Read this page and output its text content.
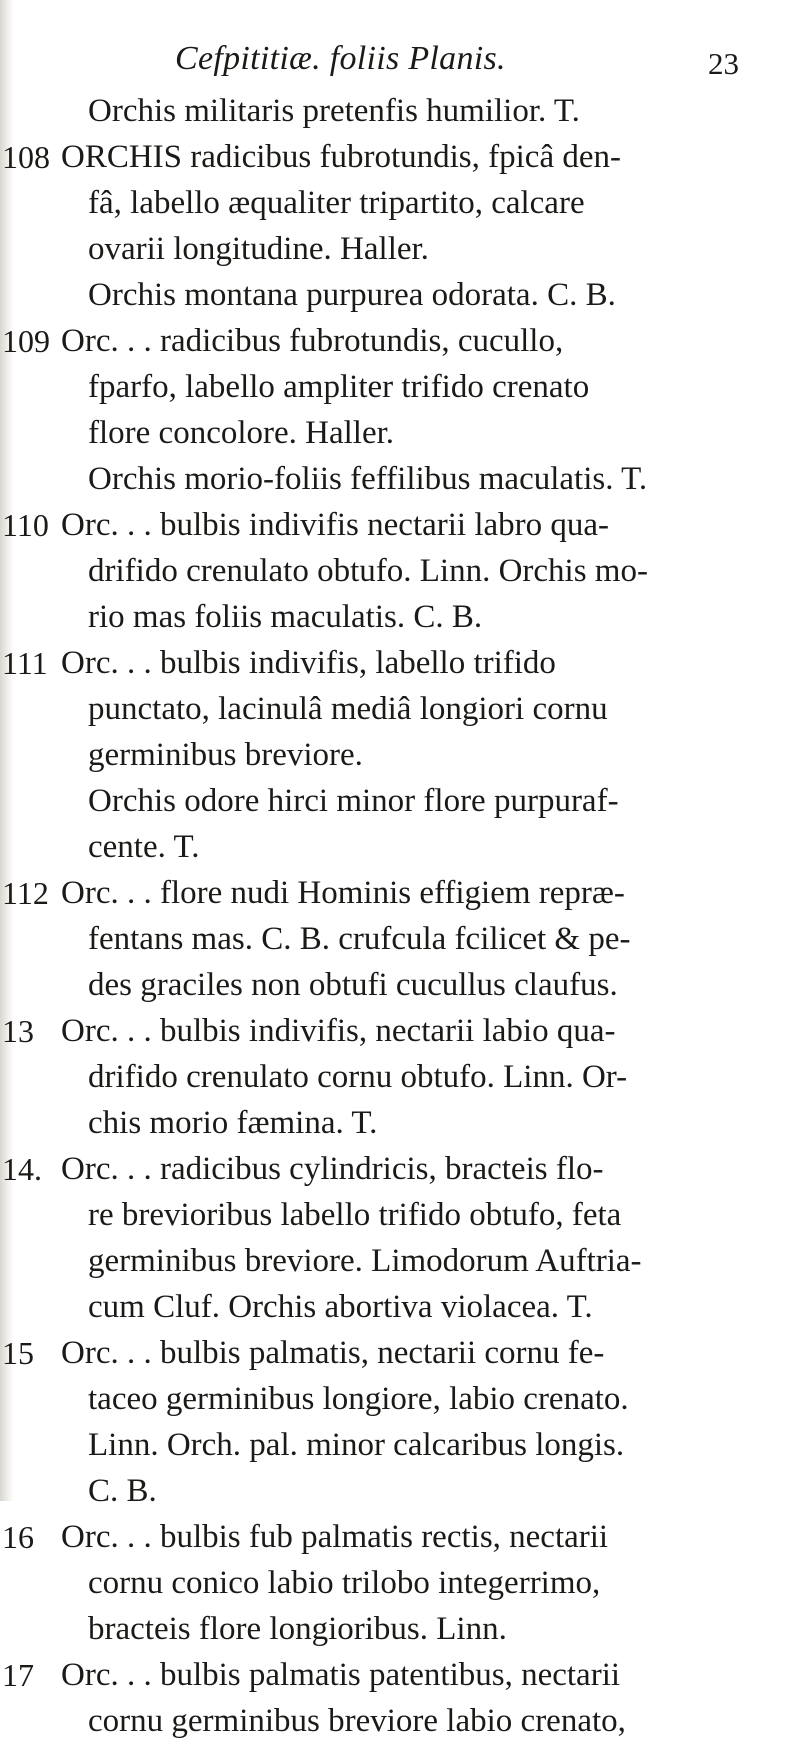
Cefpititiæ. foliis Planis.	23
Orchis militaris pretenfis humilior. T.
108 ORCHIS radicibus fubrotundis, fpicâ den-
fâ, labello æqualiter tripartito, calcare
ovarii longitudine. Haller.
Orchis montana purpurea odorata. C. B.
109 Orc. . . radicibus fubrotundis, cucullo,
fparfo, labello ampliter trifido crenato
flore concolore. Haller.
Orchis morio-foliis feffilibus maculatis. T.
110 Orc. . . bulbis indivifis nectarii labro qua-
drifido crenulato obtufo. Linn. Orchis mo-
rio mas foliis maculatis. C. B.
111 Orc. . . bulbis indivifis, labello trifido
punctato, lacinulâ mediâ longiori cornu
germinibus breviore.
Orchis odore hirci minor flore purpuraf-
cente. T.
112 Orc. . . flore nudi Hominis effigiem repræ-
fentans mas. C. B. crufcula fcilicet & pe-
des graciles non obtufi cucullus claufus.
13 Orc. . . bulbis indivifis, nectarii labio qua-
drifido crenulato cornu obtufo. Linn. Or-
chis morio fæmina. T.
14. Orc. . . radicibus cylindricis, bracteis flo-
re brevioribus labello trifido obtufo, feta
germinibus breviore. Limodorum Auftria-
cum Cluf. Orchis abortiva violacea. T.
15 Orc. . . bulbis palmatis, nectarii cornu fe-
taceo germinibus longiore, labio crenato.
Linn. Orch. pal. minor calcaribus longis.
C. B.
16 Orc. . . bulbis fub palmatis rectis, nectarii
cornu conico labio trilobo integerrimo,
bracteis flore longioribus. Linn.
17 Orc. . . bulbis palmatis patentibus, nectarii
cornu germinibus breviore labio crenato,
